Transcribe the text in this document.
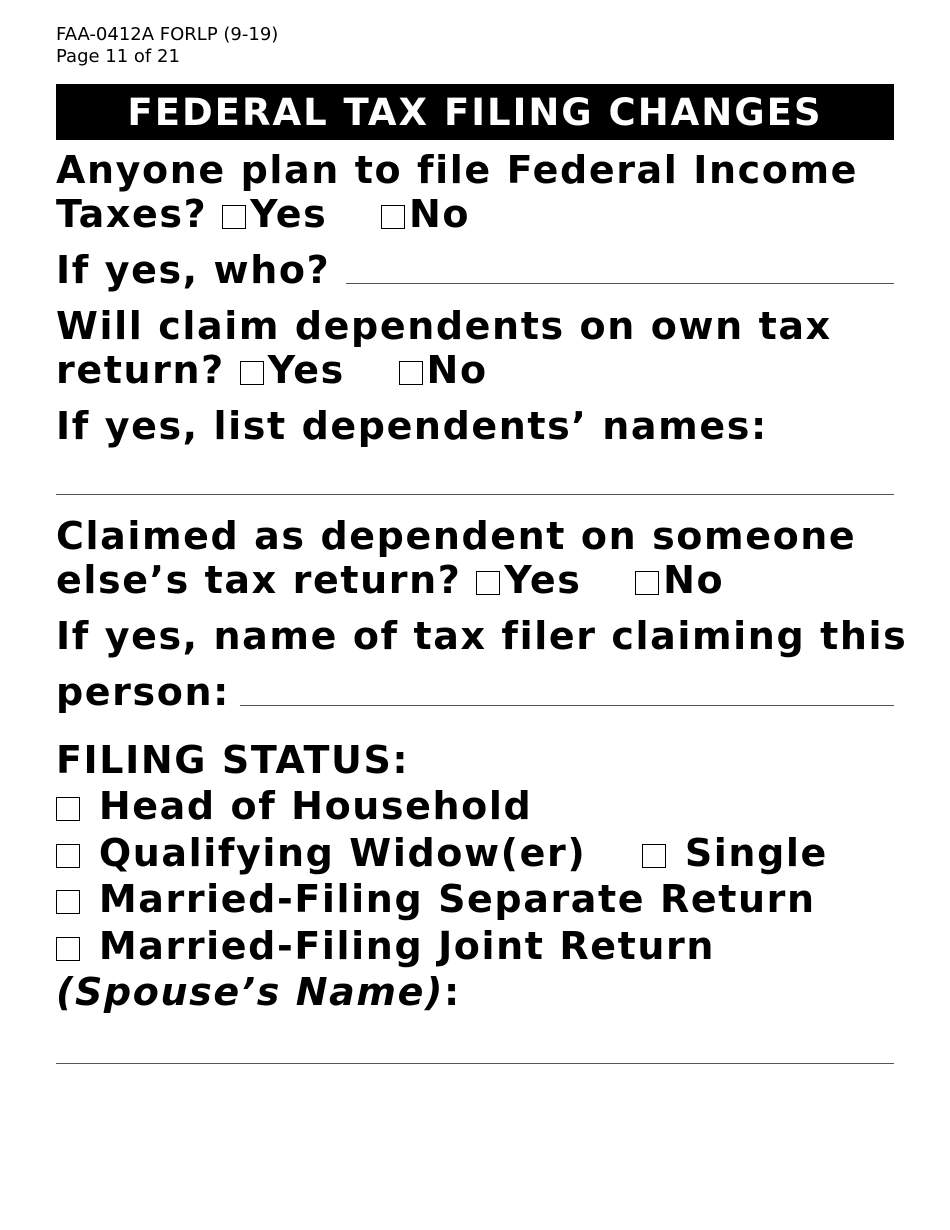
FAA-0412A FORLP (9-19)
Page 11 of 21
FEDERAL TAX FILING CHANGES
Anyone plan to file Federal Income
Taxes? Yes No
If yes, who?
Will claim dependents on own tax
return? Yes No
If yes, list dependents’ names:
Claimed as dependent on someone
else’s tax return? Yes No
If yes, name of tax filer claiming this
person:
FILING STATUS:
Head of Household
Qualifying Widow(er)	Single
Married-Filing Separate Return
Married-Filing Joint Return
(Spouse’s Name):
